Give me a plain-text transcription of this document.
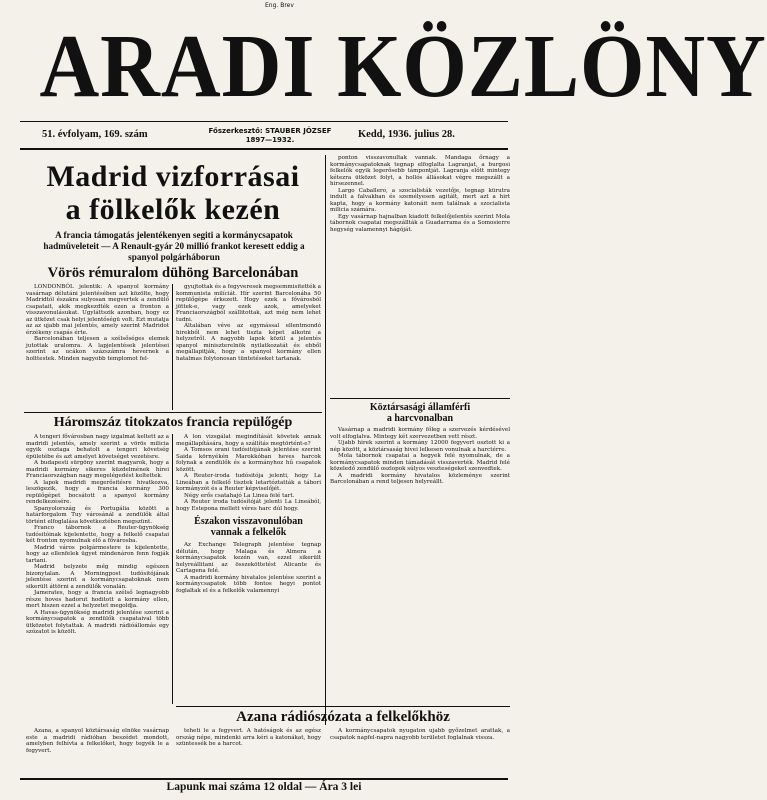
Eng. Brev
ARADI KÖZLÖNY
51. évfolyam, 169. szám	Főszerkesztő: STAUBER JÓZSEF
1897—1932.	Kedd, 1936. julius 28.
Madrid vizforrásai
a fölkelők kezén
A francia támogatás jelentékenyen segiti a kormánycsapatok hadmüveleteit — A Renault-gyár 20 millió frankot keresett eddig a spanyol polgárháborun
Vörös rémuralom dühöng Barcelonában

LONDONBÓL jelentik: A spanyol kormány vasárnap délutáni jelentésében azt közölte, hogy Madridtól északra sulyosan megvertek a zendülő csapatait, akik megkezdték ezen a fronton a visszavonulásukat. Ugyláttszik azonban, hogy ez az ütközet csak helyi jelentőségü volt. Ezt mutatja az az ujabb mai jelentés, amely szerint Madridot érzékeny csapás érte.

Barcelonában teljesen a szélsőséges elemek jutottak uralomra. A lapjelentések jelentései szerint az ucákon százszámra hevernek a holttestek. Minden nagyobb templomot fel-

gyujtottak és a fegyveresek megsemmisitették a kommunista milíciát. Hír szerint Barcelonába 50 repülőgépe érkezett. Hogy ezek a fővárosból jöttek-e, vagy ezek azok, amelyeket Franciaországból szállitottak, azt még nem lehet tudni.

Általában véve az egymással ellentmondó hirekből nem lehet tiszta képet alkotni a helyzetről. A nagyobb lapok közül a jelentés spanyol miniszterelnök nyilatkozatát és ebből megállapitják, hogy a spanyol kormány ellen hatalmas folytonosan tüntetéseket tartanak.

ponton visszavonultak vannak. Mandaga őrnagy a kormánycsapatoknak tegnap elfoglalta Lagranjat, a burgosi felkelők egyik legerősebb támpontját. Lagranja előtt mintegy kétezra ütközet folyt, a hollós állásokat végre megszállt a hirsezennel.

Largo Caballero, a szocialisták vezetője, tegnap kürutra indult a falvakban és személyesen agitált, mert azt a hirt kapta, hogy a kormány katonáit nem találnak a szocialista milicia számára.

Egy vasárnap hajnalban kiadott felkelőjelentés szerint Mola tábornok csapatai megszállták a Guadarrama és a Somosierre hegység valamennyi hágóját.

Háromszáz titokzatos francia repülőgép

A tengeri fővárosban nagy izgalmat keltett az a madridi jelentés, amely szerint a vörös milicia egyik osztaga behatolt a tengeri követség épületébe és azt amelyet követséget vezetésre.

A budapesti sürgöny szerint magyarok, hogy a madridi kormány sikeres küzdelmének hírei Franciaországban nagy megelégedést keltettek.

A lapok madridi megerősitésre hivatkozva, leszögezik, hogy a francia kormány 300 repülőgépet bocsátott a spanyol kormány rendelkezésére.

Spanyolország és Portugália között a határforgalom Tuy városánál a zendülők által történt elfoglalása következtében megszünt.

Franco tábornok a Reuter-ügynökség tudósitóinak kijelentette, hogy a felkelő csapatai két fronton nyomulnak elő a fővárosba.

Madrid város polgármestere is kijelentette, hogy az ellenfelek ügyet mindenáron fenn fogják tartani.

Madrid helyzete még mindig egészen bizonytalan. A Morningpost tudósitójának jelentése szerint a kormánycsapatoknak nem sikerült áttörni a zendülők vonalán.

Jamerates, hogy a francia szélső legnagyobb része hoves hadorut hoditott a kormány ellen, mert hiszen ezzel a helyzetet megoldja.

A Havas-ügynökség madridi jelentése szerint a kormánycsapatok a zendülők csapataival több ütközetet folytattak. A madridi rádióállomás egy szózatot is közölt.

A lon vizsgálat megindítását követek annak megállapítására, hogy a szállítás megtörtént-e?

A Tomsos orani tudósitójának jelentése szerint Saida környékén Marokkóban heves harcok folynak a zendülők és a kormányhoz hű csapatok között.

A Reuter-iroda tudósitója jelenti, hogy La Lineában a felkelő tisztek letartóztatták a tábori kormányzót és a Reuter képviselőjét.

Négy erős csatahajó La Linea felé tart.

A Reuter iroda tudósítóját jelenti La Lineából, hogy Estepona mellett véres harc dúl hogy.

Északon visszavonulóban
vannak a felkelők

Az Exchange Telegraph jelentése tegnap délután, hogy Malaga és Almera a kormánycsapatok kezén van, ezzel sikerült helyreállitani az összeköttetést Alicante és Cartagena felé.

A madridi kormány hivatalos jelentése szerint a kormánycsapatok több fontos hegyi pontot foglaltak el és a felkelők valamennyi

Köztársasági államférfi
a harcvonalban

Vasárnap a madridi kormány főleg a szervezés kérdésével volt elfoglalva. Mintegy két szervezetben vett részt.

Ujabb hirek szerint a kormány 12000 fegyvert osztott ki a nép között, a köztársaság hivei lelkesen vonulnak a harctérre.

Mola tábornok csapatai a hegyek felé nyomulnak, de a kormánycsapatok minden támadását visszaverték. Madrid felé közeledő zendülő oszlopok súlyos veszteségeket szenvedtek.

A madridi kormány hivatalos közleménye szerint Barcelonában a rend teljesen helyreállt.

Azana rádiószózata a felkelőkhöz

Azana, a spanyol köztársaság elnöke vasárnap este a madridi rádióban beszédet mondott, amelyben felhívta a felkelőket, hogy tegyék le a fegyvert.

teheti le a fegyvert. A hatóságok és az egész ország népe, mindenki arra kéri a katonákat, hogy szüntessék be a harcot.

A kormánycsapatok nyugaton ujabb győzelmet arattak, a csapatok napfel-napra nagyobb területet foglalnak vissza.

Lapunk mai száma 12 oldal — Ára 3 lei
